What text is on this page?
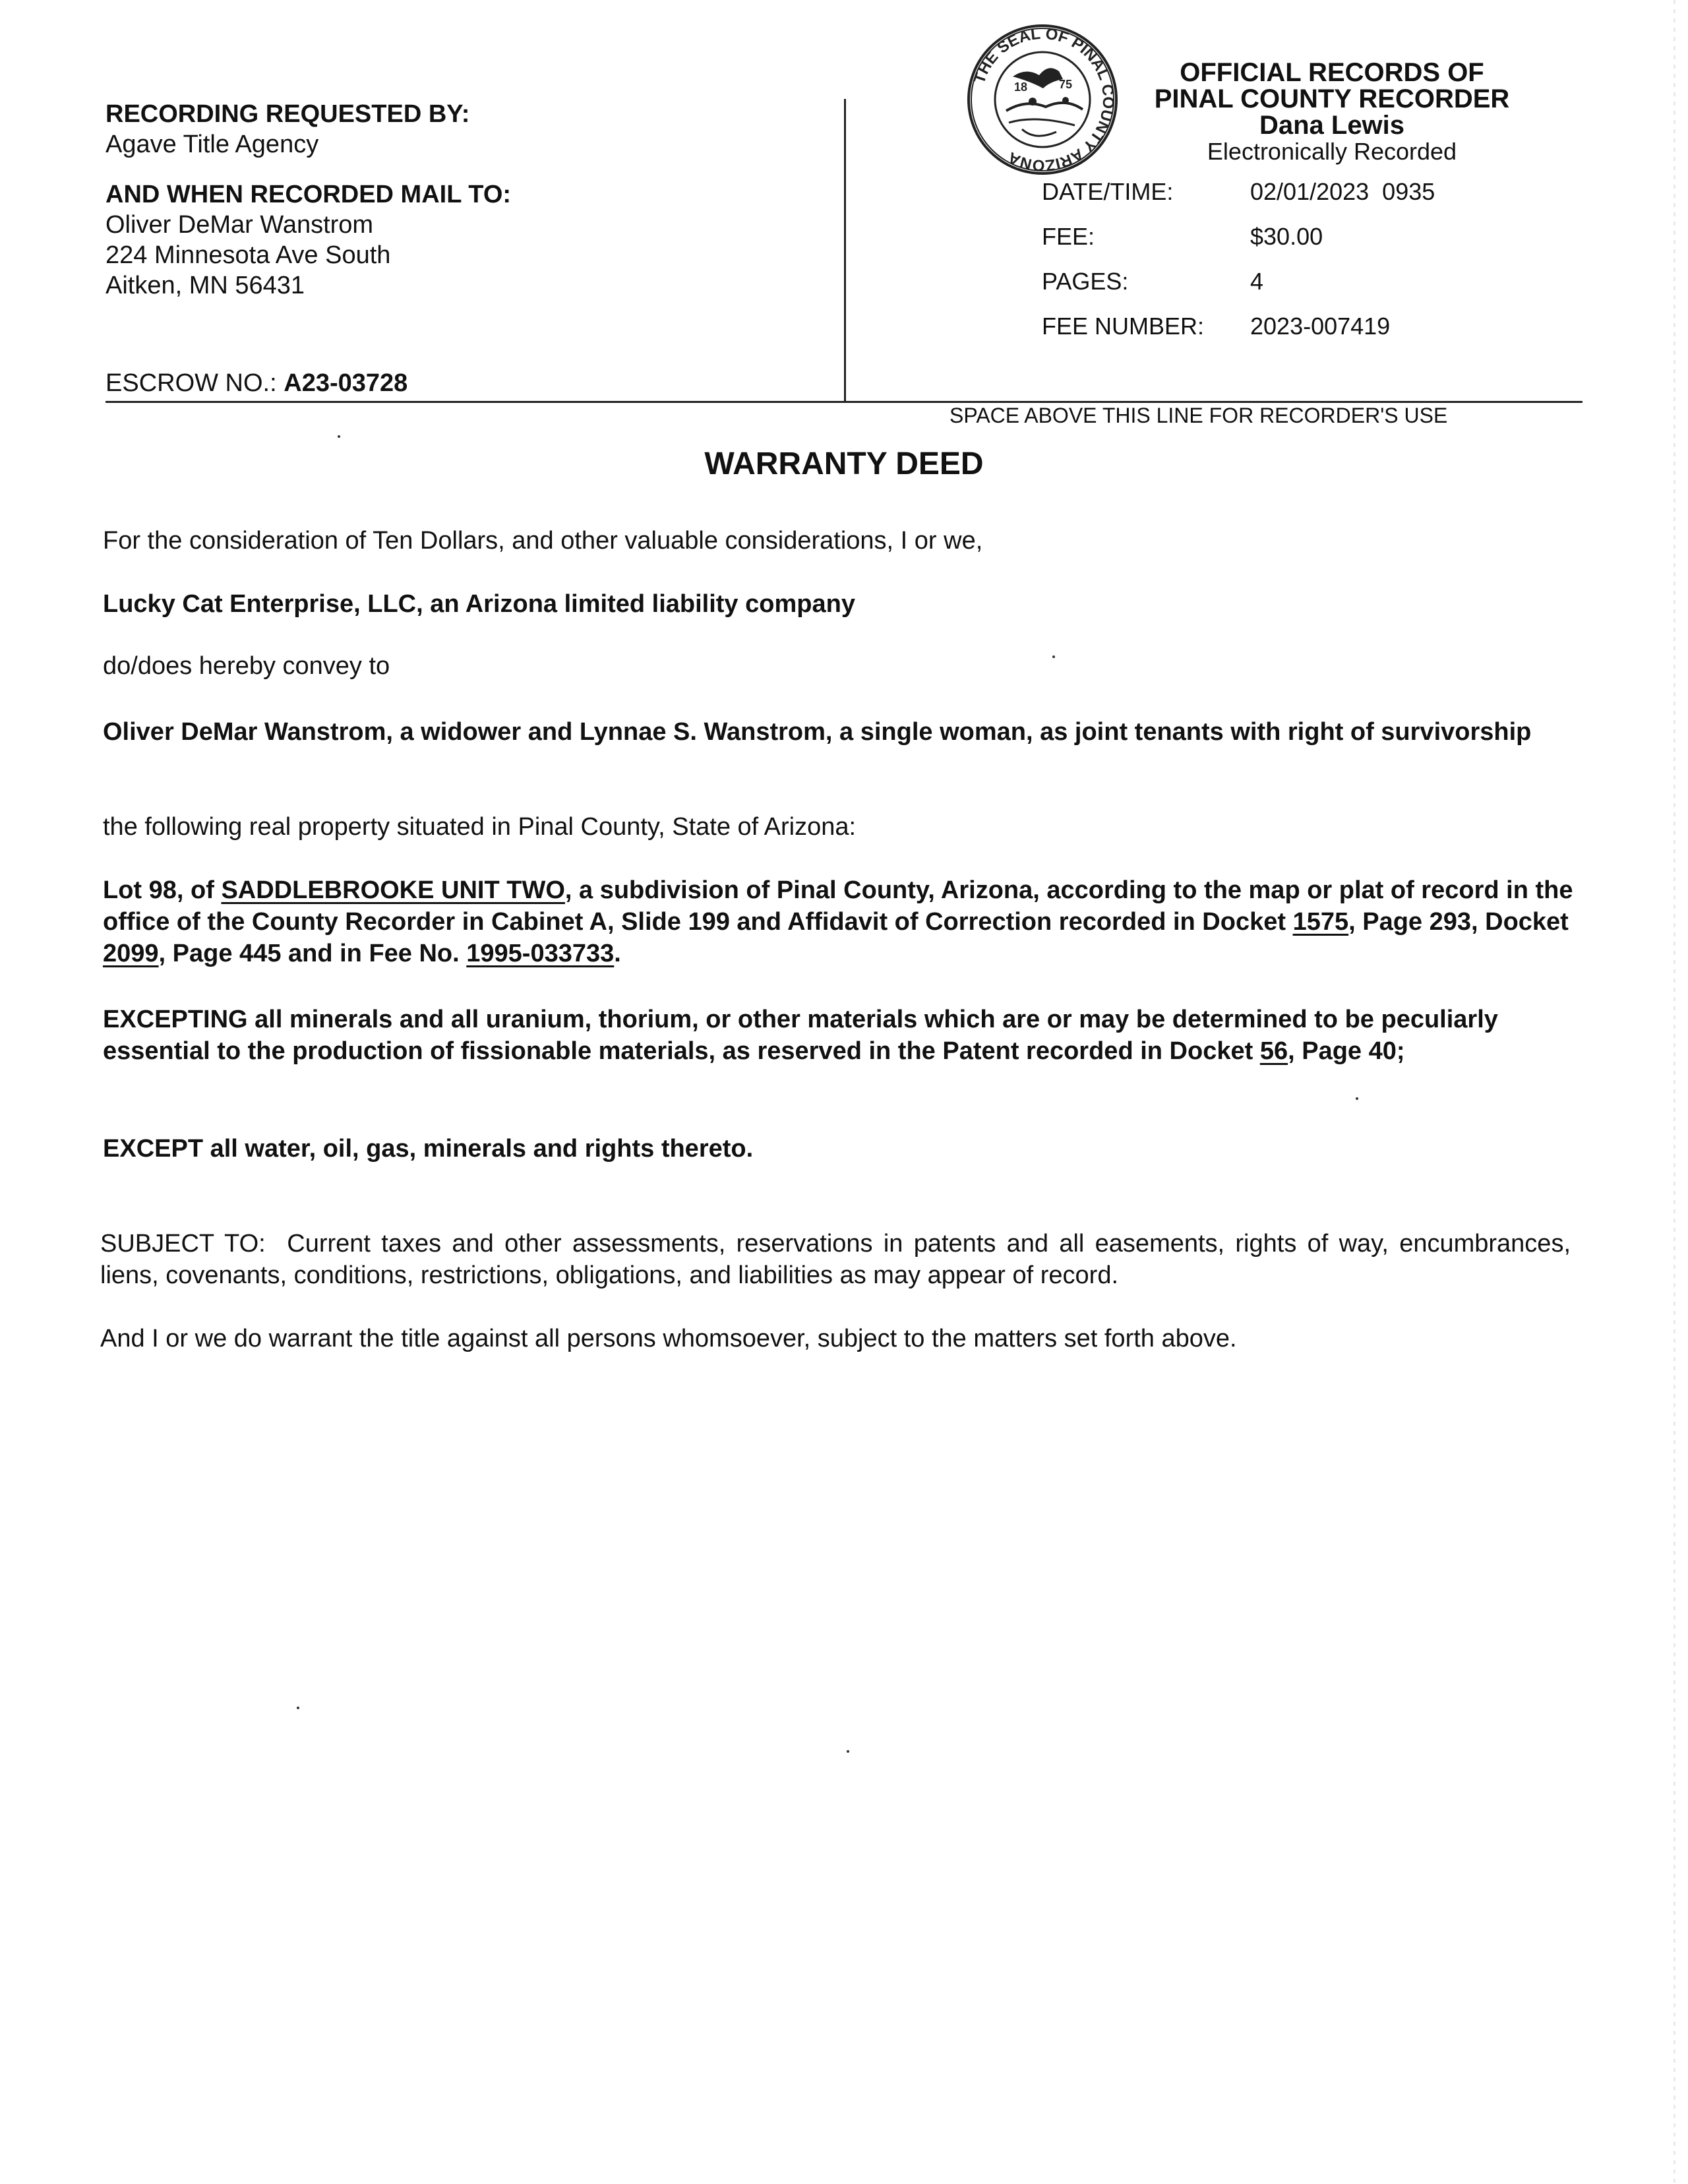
RECORDING REQUESTED BY:
Agave Title Agency
AND WHEN RECORDED MAIL TO:
Oliver DeMar Wanstrom
224 Minnesota Ave South
Aitken, MN 56431
ESCROW NO.: A23-03728
THE SEAL OF PINAL COUNTY ARIZONA
18	75	OFFICIAL RECORDS OF
PINAL COUNTY RECORDER
Dana Lewis
Electronically Recorded
DATE/TIME:	02/01/2023  0935
FEE:	$30.00
PAGES:	4
FEE NUMBER: 2023-007419
SPACE ABOVE THIS LINE FOR RECORDER'S USE
WARRANTY DEED
For the consideration of Ten Dollars, and other valuable considerations, I or we,
Lucky Cat Enterprise, LLC, an Arizona limited liability company
do/does hereby convey to
Oliver DeMar Wanstrom, a widower and Lynnae S. Wanstrom, a single woman, as joint tenants with right of survivorship
the following real property situated in Pinal County, State of Arizona:
Lot 98, of SADDLEBROOKE UNIT TWO, a subdivision of Pinal County, Arizona, according to the map or plat of record in the office of the County Recorder in Cabinet A, Slide 199 and Affidavit of Correction recorded in Docket 1575, Page 293, Docket 2099, Page 445 and in Fee No. 1995-033733.
EXCEPTING all minerals and all uranium, thorium, or other materials which are or may be determined to be peculiarly essential to the production of fissionable materials, as reserved in the Patent recorded in Docket 56, Page 40;
EXCEPT all water, oil, gas, minerals and rights thereto.
SUBJECT TO:  Current taxes and other assessments, reservations in patents and all easements, rights of way, encumbrances, liens, covenants, conditions, restrictions, obligations, and liabilities as may appear of record.
And I or we do warrant the title against all persons whomsoever, subject to the matters set forth above.
